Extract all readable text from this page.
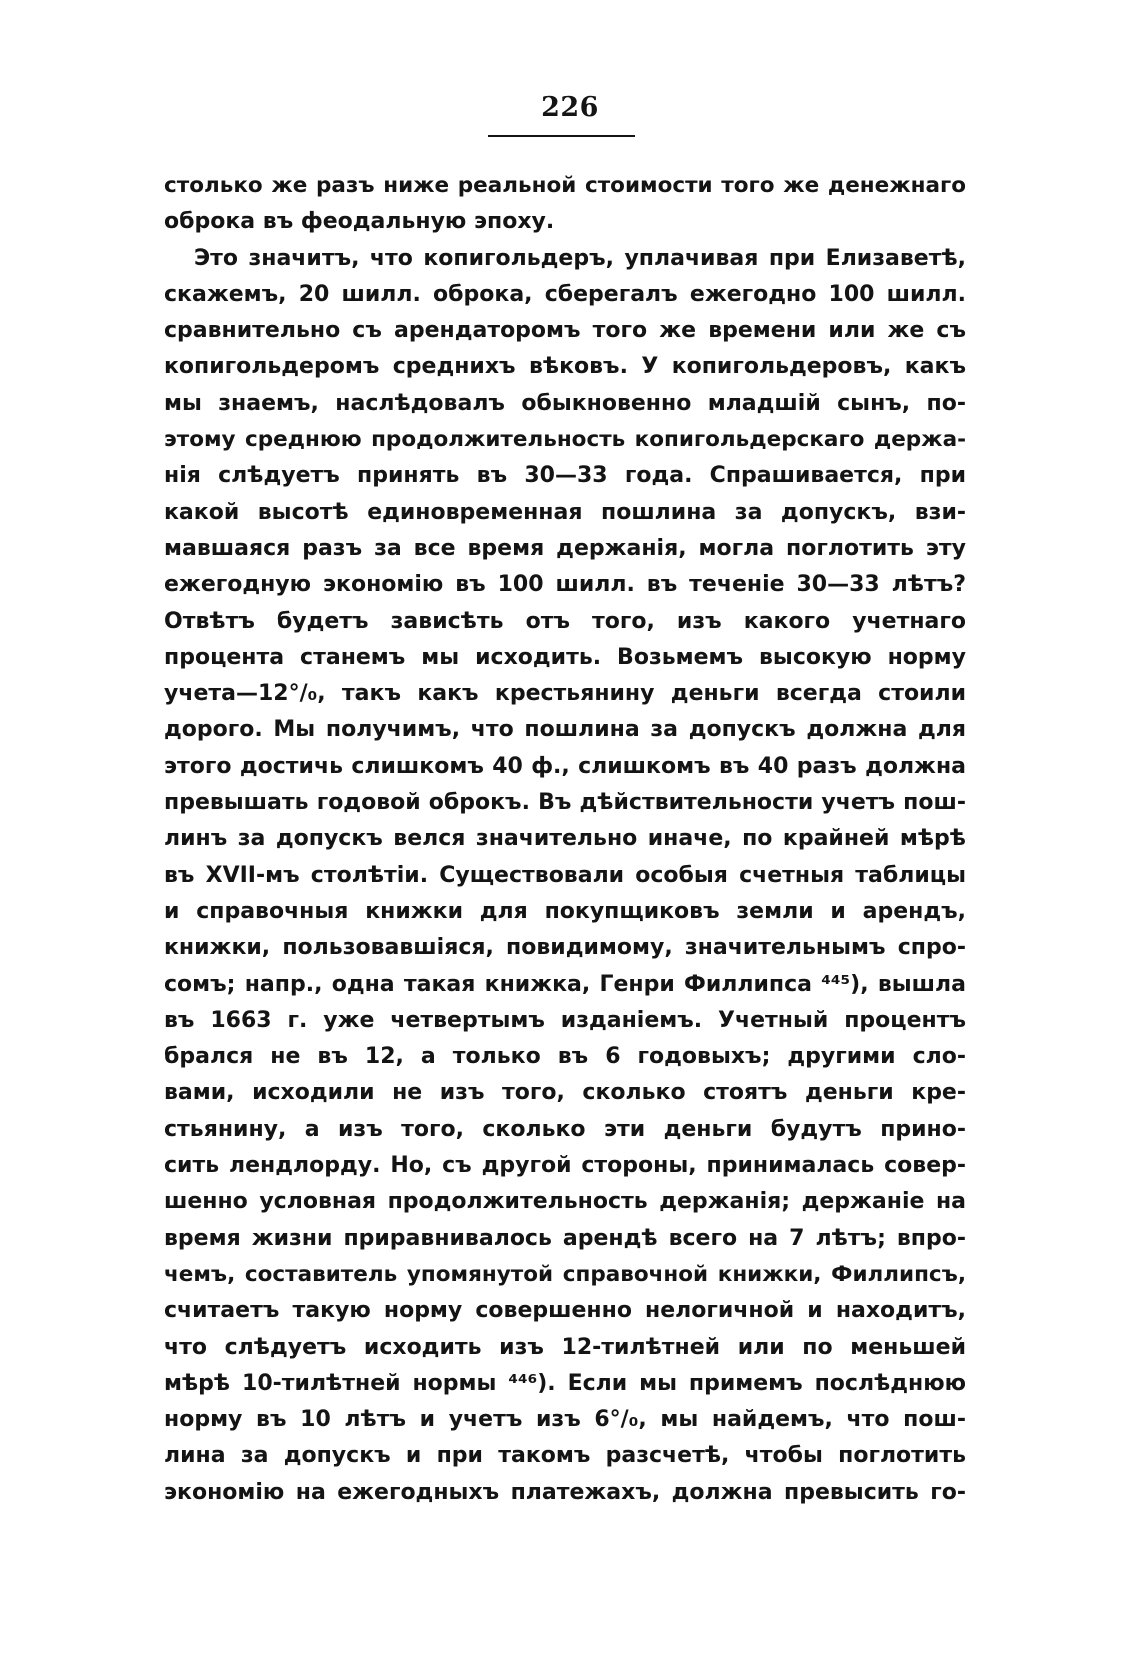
226
столько же разъ ниже реальной стоимости того же денежнаго
оброка въ феодальную эпоху.
Это значитъ, что копигольдеръ, уплачивая при Елизаветѣ,
скажемъ, 20 шилл. оброка, сберегалъ ежегодно 100 шилл.
сравнительно съ арендаторомъ того же времени или же съ
копигольдеромъ среднихъ вѣковъ. У копигольдеровъ, какъ
мы знаемъ, наслѣдовалъ обыкновенно младшій сынъ, по-
этому среднюю продолжительность копигольдерскаго держа-
нія слѣдуетъ принять въ 30—33 года. Спрашивается, при
какой высотѣ единовременная пошлина за допускъ, взи-
мавшаяся разъ за все время держанія, могла поглотить эту
ежегодную экономію въ 100 шилл. въ теченіе 30—33 лѣтъ?
Отвѣтъ будетъ зависѣть отъ того, изъ какого учетнаго
процента станемъ мы исходить. Возьмемъ высокую норму
учета—12°/₀, такъ какъ крестьянину деньги всегда стоили
дорого. Мы получимъ, что пошлина за допускъ должна для
этого достичь слишкомъ 40 ф., слишкомъ въ 40 разъ должна
превышать годовой оброкъ. Въ дѣйствительности учетъ пош-
линъ за допускъ велся значительно иначе, по крайней мѣрѣ
въ XVII-мъ столѣтіи. Существовали особыя счетныя таблицы
и справочныя книжки для покупщиковъ земли и арендъ,
книжки, пользовавшіяся, повидимому, значительнымъ спро-
сомъ; напр., одна такая книжка, Генри Филлипса ⁴⁴⁵), вышла
въ 1663 г. уже четвертымъ изданіемъ. Учетный процентъ
брался не въ 12, а только въ 6 годовыхъ; другими сло-
вами, исходили не изъ того, сколько стоятъ деньги кре-
стьянину, а изъ того, сколько эти деньги будутъ прино-
сить лендлорду. Но, съ другой стороны, принималась совер-
шенно условная продолжительность держанія; держаніе на
время жизни приравнивалось арендѣ всего на 7 лѣтъ; впро-
чемъ, составитель упомянутой справочной книжки, Филлипсъ,
считаетъ такую норму совершенно нелогичной и находитъ,
что слѣдуетъ исходить изъ 12-тилѣтней или по меньшей
мѣрѣ 10-тилѣтней нормы ⁴⁴⁶). Если мы примемъ послѣднюю
норму въ 10 лѣтъ и учетъ изъ 6°/₀, мы найдемъ, что пош-
лина за допускъ и при такомъ разсчетѣ, чтобы поглотить
экономію на ежегодныхъ платежахъ, должна превысить го-
